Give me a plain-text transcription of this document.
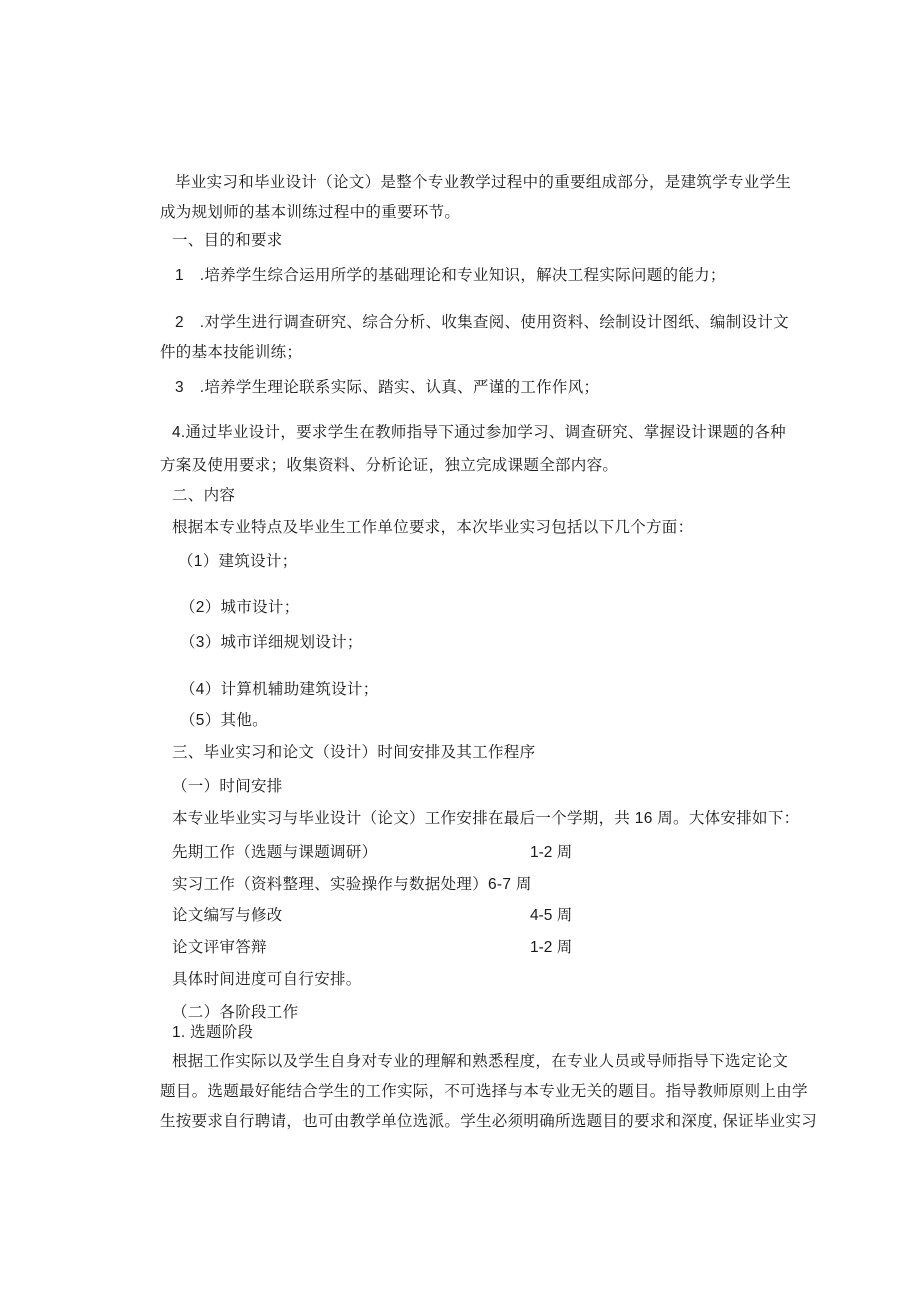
毕业实习和毕业设计（论文）是整个专业教学过程中的重要组成部分，是建筑学专业学生
成为规划师的基本训练过程中的重要环节。
一、目的和要求
1　.培养学生综合运用所学的基础理论和专业知识，解决工程实际问题的能力；
2　.对学生进行调查研究、综合分析、收集查阅、使用资料、绘制设计图纸、编制设计文
件的基本技能训练；
3　.培养学生理论联系实际、踏实、认真、严谨的工作作风；
4.通过毕业设计，要求学生在教师指导下通过参加学习、调查研究、掌握设计课题的各种
方案及使用要求；收集资料、分析论证，独立完成课题全部内容。
二、内容
根据本专业特点及毕业生工作单位要求，本次毕业实习包括以下几个方面：
（1）建筑设计；
（2）城市设计；
（3）城市详细规划设计；
（4）计算机辅助建筑设计；
（5）其他。
三、毕业实习和论文（设计）时间安排及其工作程序
（一）时间安排
本专业毕业实习与毕业设计（论文）工作安排在最后一个学期，共 16 周。大体安排如下：
先期工作（选题与课题调研）	1-2 周
实习工作（资料整理、实验操作与数据处理）6-7 周
论文编写与修改	4-5 周
论文评审答辩	1-2 周
具体时间进度可自行安排。
（二）各阶段工作
1. 选题阶段
根据工作实际以及学生自身对专业的理解和熟悉程度，在专业人员或导师指导下选定论文
题目。选题最好能结合学生的工作实际，不可选择与本专业无关的题目。指导教师原则上由学
生按要求自行聘请，也可由教学单位选派。学生必须明确所选题目的要求和深度, 保证毕业实习
